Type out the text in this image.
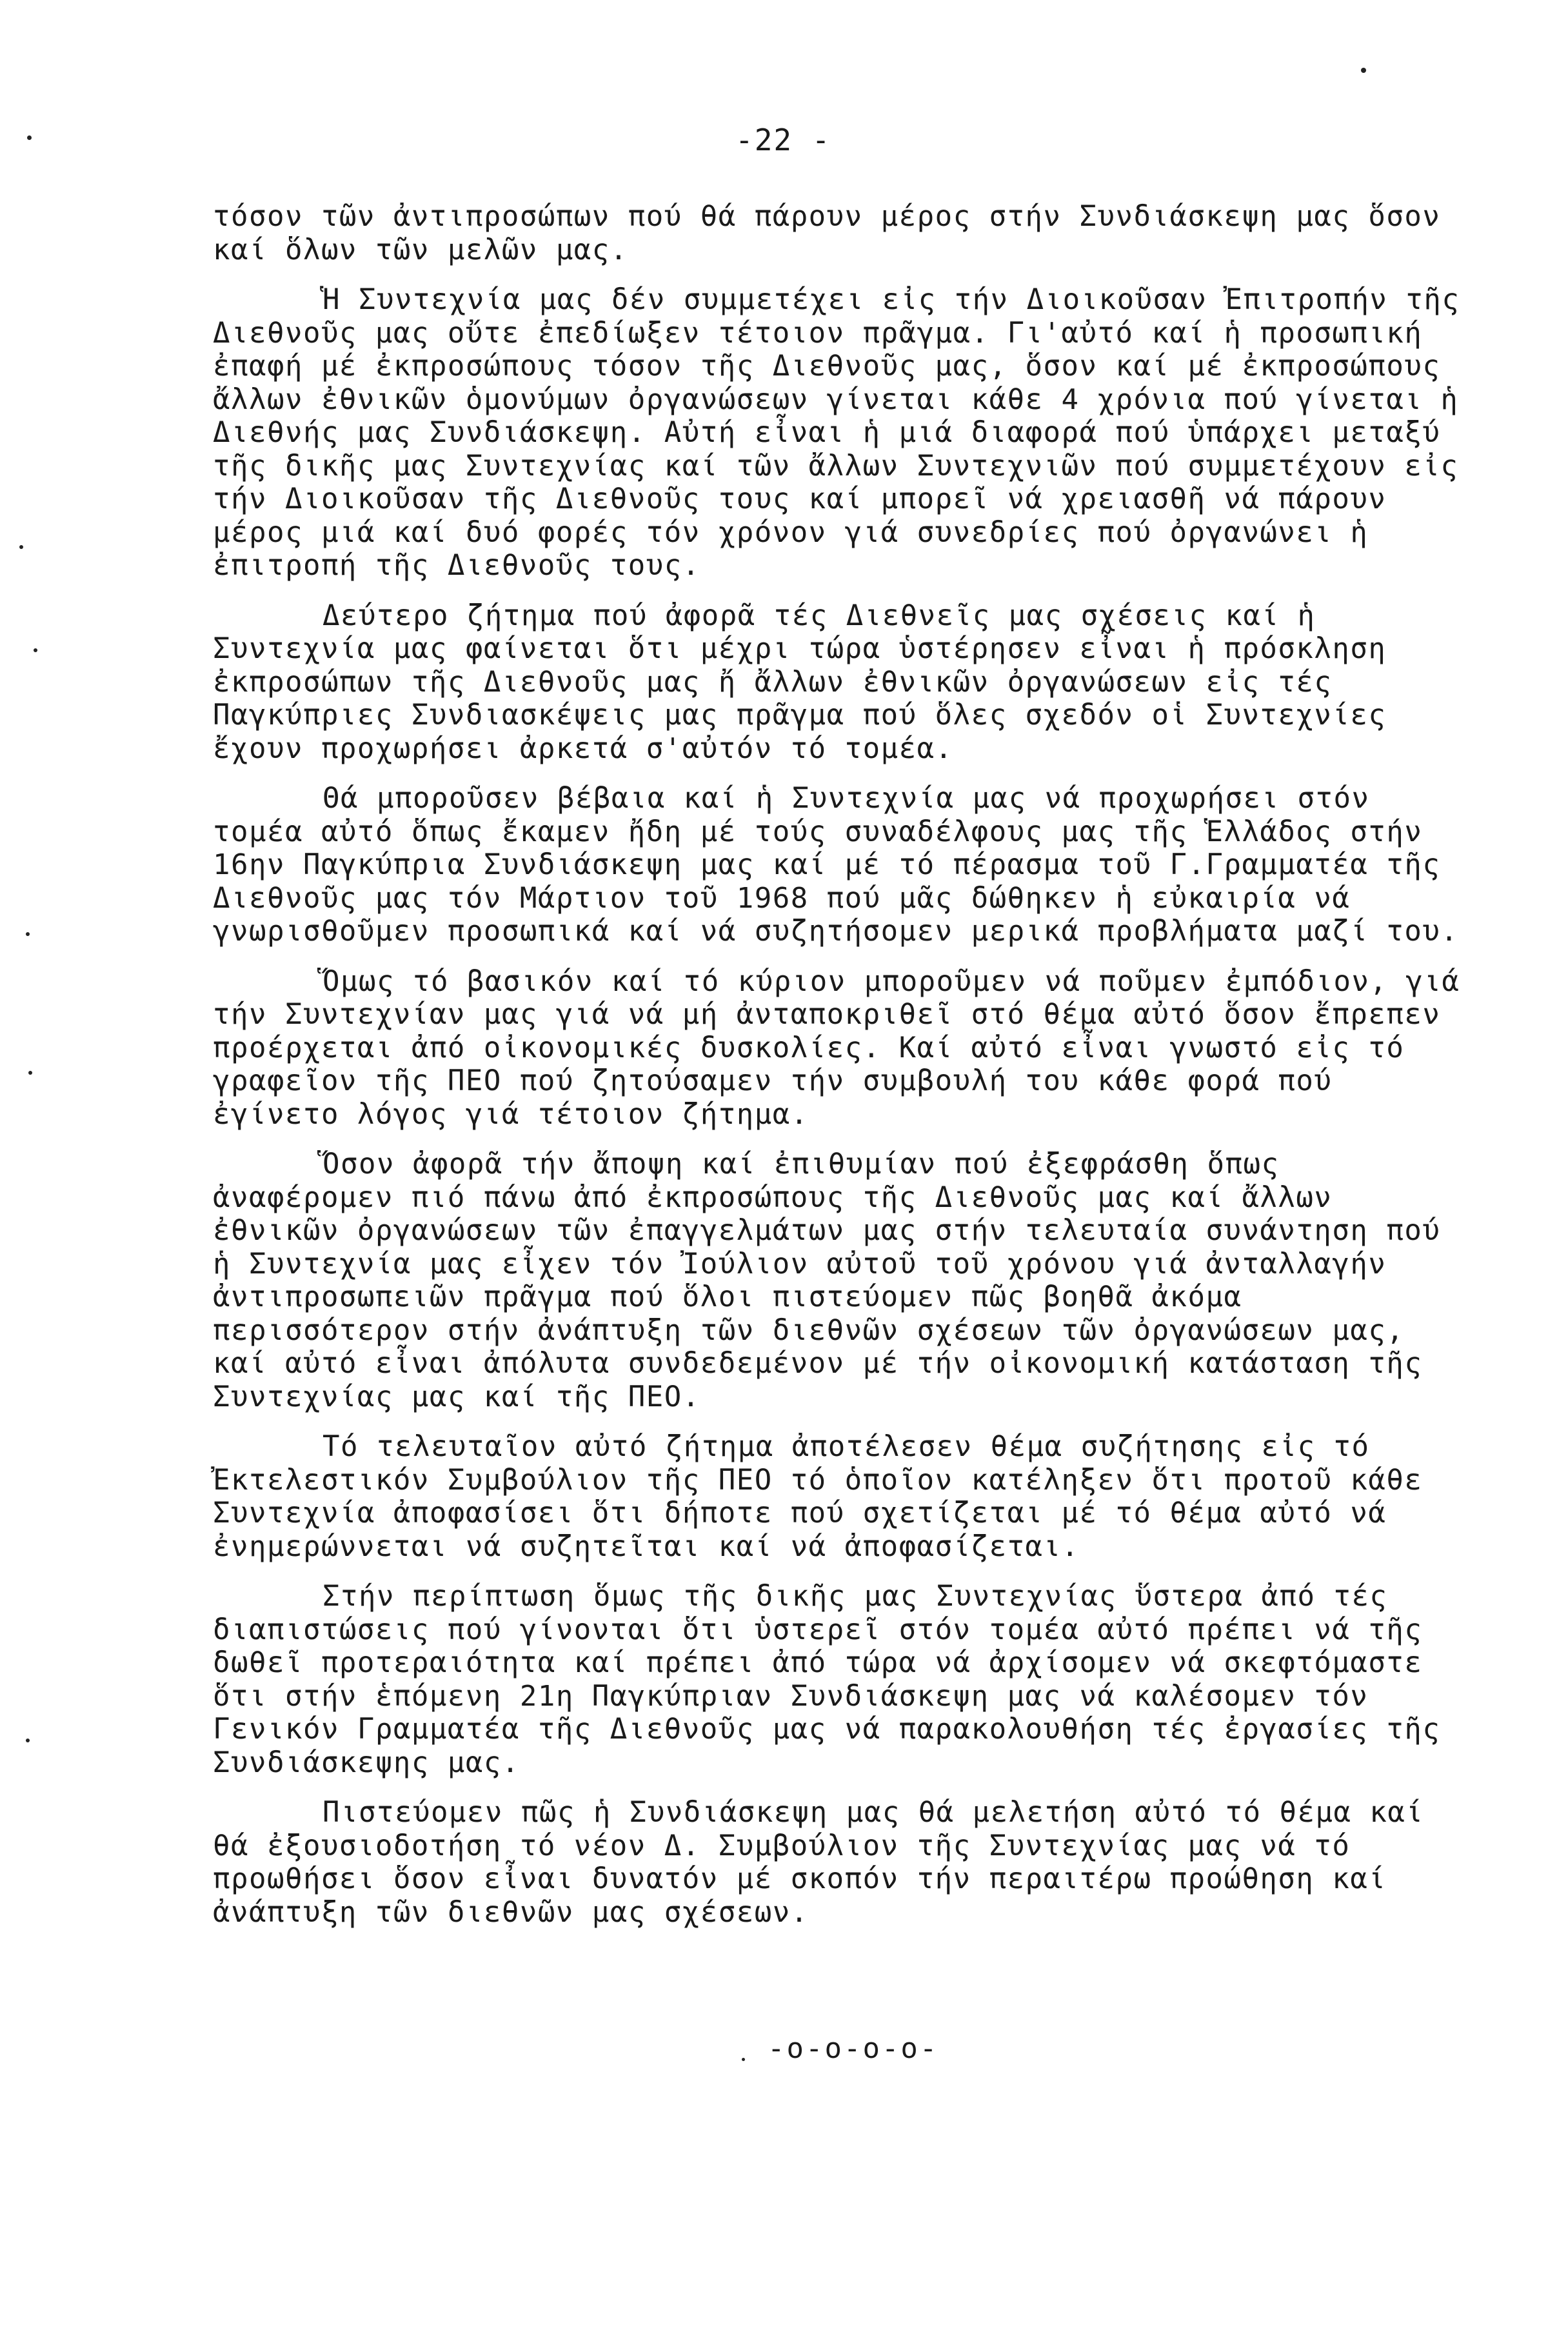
-22 -

τόσον τῶν ἀντιπροσώπων πού θά πάρουν μέρος στήν Συνδιάσκεψη μας ὅσον καί ὅλων τῶν μελῶν μας.

Ἡ Συντεχνία μας δέν συμμετέχει εἰς τήν Διοικοῦσαν Ἐπιτροπήν τῆς Διεθνοῦς μας οὔτε ἐπεδίωξεν τέτοιον πρᾶγμα. Γι'αὐτό καί ἡ προσωπική ἐπαφή μέ ἐκπροσώπους τόσον τῆς Διεθνοῦς μας, ὅσον καί μέ ἐκπροσώπους ἄλλων ἐθνικῶν ὁμονύμων ὀργανώσεων γίνεται κάθε 4 χρόνια πού γίνεται ἡ Διεθνής μας Συνδιάσκεψη. Αὐτή εἶναι ἡ μιά διαφορά πού ὑπάρχει μεταξύ τῆς δικῆς μας Συντεχνίας καί τῶν ἄλλων Συντεχνιῶν πού συμμετέχουν εἰς τήν Διοικοῦσαν τῆς Διεθνοῦς τους καί μπορεῖ νά χρειασθῆ νά πάρουν μέρος μιά καί δυό φορές τόν χρόνον γιά συνεδρίες πού ὀργανώνει ἡ ἐπιτροπή τῆς Διεθνοῦς τους.

Δεύτερο ζήτημα πού ἀφορᾶ τές Διεθνεῖς μας σχέσεις καί ἡ Συντεχνία μας φαίνεται ὅτι μέχρι τώρα ὑστέρησεν εἶναι ἡ πρόσκληση ἐκπροσώπων τῆς Διεθνοῦς μας ἤ ἄλλων ἐθνικῶν ὀργανώσεων εἰς τές Παγκύπριες Συνδιασκέψεις μας πρᾶγμα πού ὅλες σχεδόν οἱ Συντεχνίες ἔχουν προχωρήσει ἀρκετά σ'αὐτόν τό τομέα.

Θά μποροῦσεν βέβαια καί ἡ Συντεχνία μας νά προχωρήσει στόν τομέα αὐτό ὅπως ἔκαμεν ἤδη μέ τούς συναδέλφους μας τῆς Ἑλλάδος στήν 16ην Παγκύπρια Συνδιάσκεψη μας καί μέ τό πέρασμα τοῦ Γ.Γραμματέα τῆς Διεθνοῦς μας τόν Μάρτιον τοῦ 1968 πού μᾶς δώθηκεν ἡ εὐκαιρία νά γνωρισθοῦμεν προσωπικά καί νά συζητήσομεν μερικά προβλήματα μαζί του.

Ὅμως τό βασικόν καί τό κύριον μποροῦμεν νά ποῦμεν ἐμπόδιον, γιά τήν Συντεχνίαν μας γιά νά μή ἀνταποκριθεῖ στό θέμα αὐτό ὅσον ἔπρεπεν προέρχεται ἀπό οἰκονομικές δυσκολίες. Καί αὐτό εἶναι γνωστό εἰς τό γραφεῖον τῆς ΠΕΟ πού ζητούσαμεν τήν συμβουλή του κάθε φορά πού ἐγίνετο λόγος γιά τέτοιον ζήτημα.

Ὅσον ἀφορᾶ τήν ἄποψη καί ἐπιθυμίαν πού ἐξεφράσθη ὅπως ἀναφέρομεν πιό πάνω ἀπό ἐκπροσώπους τῆς Διεθνοῦς μας καί ἄλλων ἐθνικῶν ὀργανώσεων τῶν ἐπαγγελμάτων μας στήν τελευταία συνάντηση πού ἡ Συντεχνία μας εἶχεν τόν Ἰούλιον αὐτοῦ τοῦ χρόνου γιά ἀνταλλαγήν ἀντιπροσωπειῶν πρᾶγμα πού ὅλοι πιστεύομεν πῶς βοηθᾶ ἀκόμα περισσότερον στήν ἀνάπτυξη τῶν διεθνῶν σχέσεων τῶν ὀργανώσεων μας, καί αὐτό εἶναι ἀπόλυτα συνδεδεμένον μέ τήν οἰκονομική κατάσταση τῆς Συντεχνίας μας καί τῆς ΠΕΟ.

Τό τελευταῖον αὐτό ζήτημα ἀποτέλεσεν θέμα συζήτησης εἰς τό Ἐκτελεστικόν Συμβούλιον τῆς ΠΕΟ τό ὁποῖον κατέληξεν ὅτι προτοῦ κάθε Συντεχνία ἀποφασίσει ὅτι δήποτε πού σχετίζεται μέ τό θέμα αὐτό νά ἐνημερώννεται νά συζητεῖται καί νά ἀποφασίζεται.

Στήν περίπτωση ὅμως τῆς δικῆς μας Συντεχνίας ὕστερα ἀπό τές διαπιστώσεις πού γίνονται ὅτι ὑστερεῖ στόν τομέα αὐτό πρέπει νά τῆς δωθεῖ προτεραιότητα καί πρέπει ἀπό τώρα νά ἀρχίσομεν νά σκεφτόμαστε ὅτι στήν ἑπόμενη 21η Παγκύπριαν Συνδιάσκεψη μας νά καλέσομεν τόν Γενικόν Γραμματέα τῆς Διεθνοῦς μας νά παρακολουθήση τές ἐργασίες τῆς Συνδιάσκεψης μας.

Πιστεύομεν πῶς ἡ Συνδιάσκεψη μας θά μελετήση αὐτό τό θέμα καί θά ἐξουσιοδοτήση τό νέον Δ. Συμβούλιον τῆς Συντεχνίας μας νά τό προωθήσει ὅσον εἶναι δυνατόν μέ σκοπόν τήν περαιτέρω προώθηση καί ἀνάπτυξη τῶν διεθνῶν μας σχέσεων.

-o-o-o-o-
